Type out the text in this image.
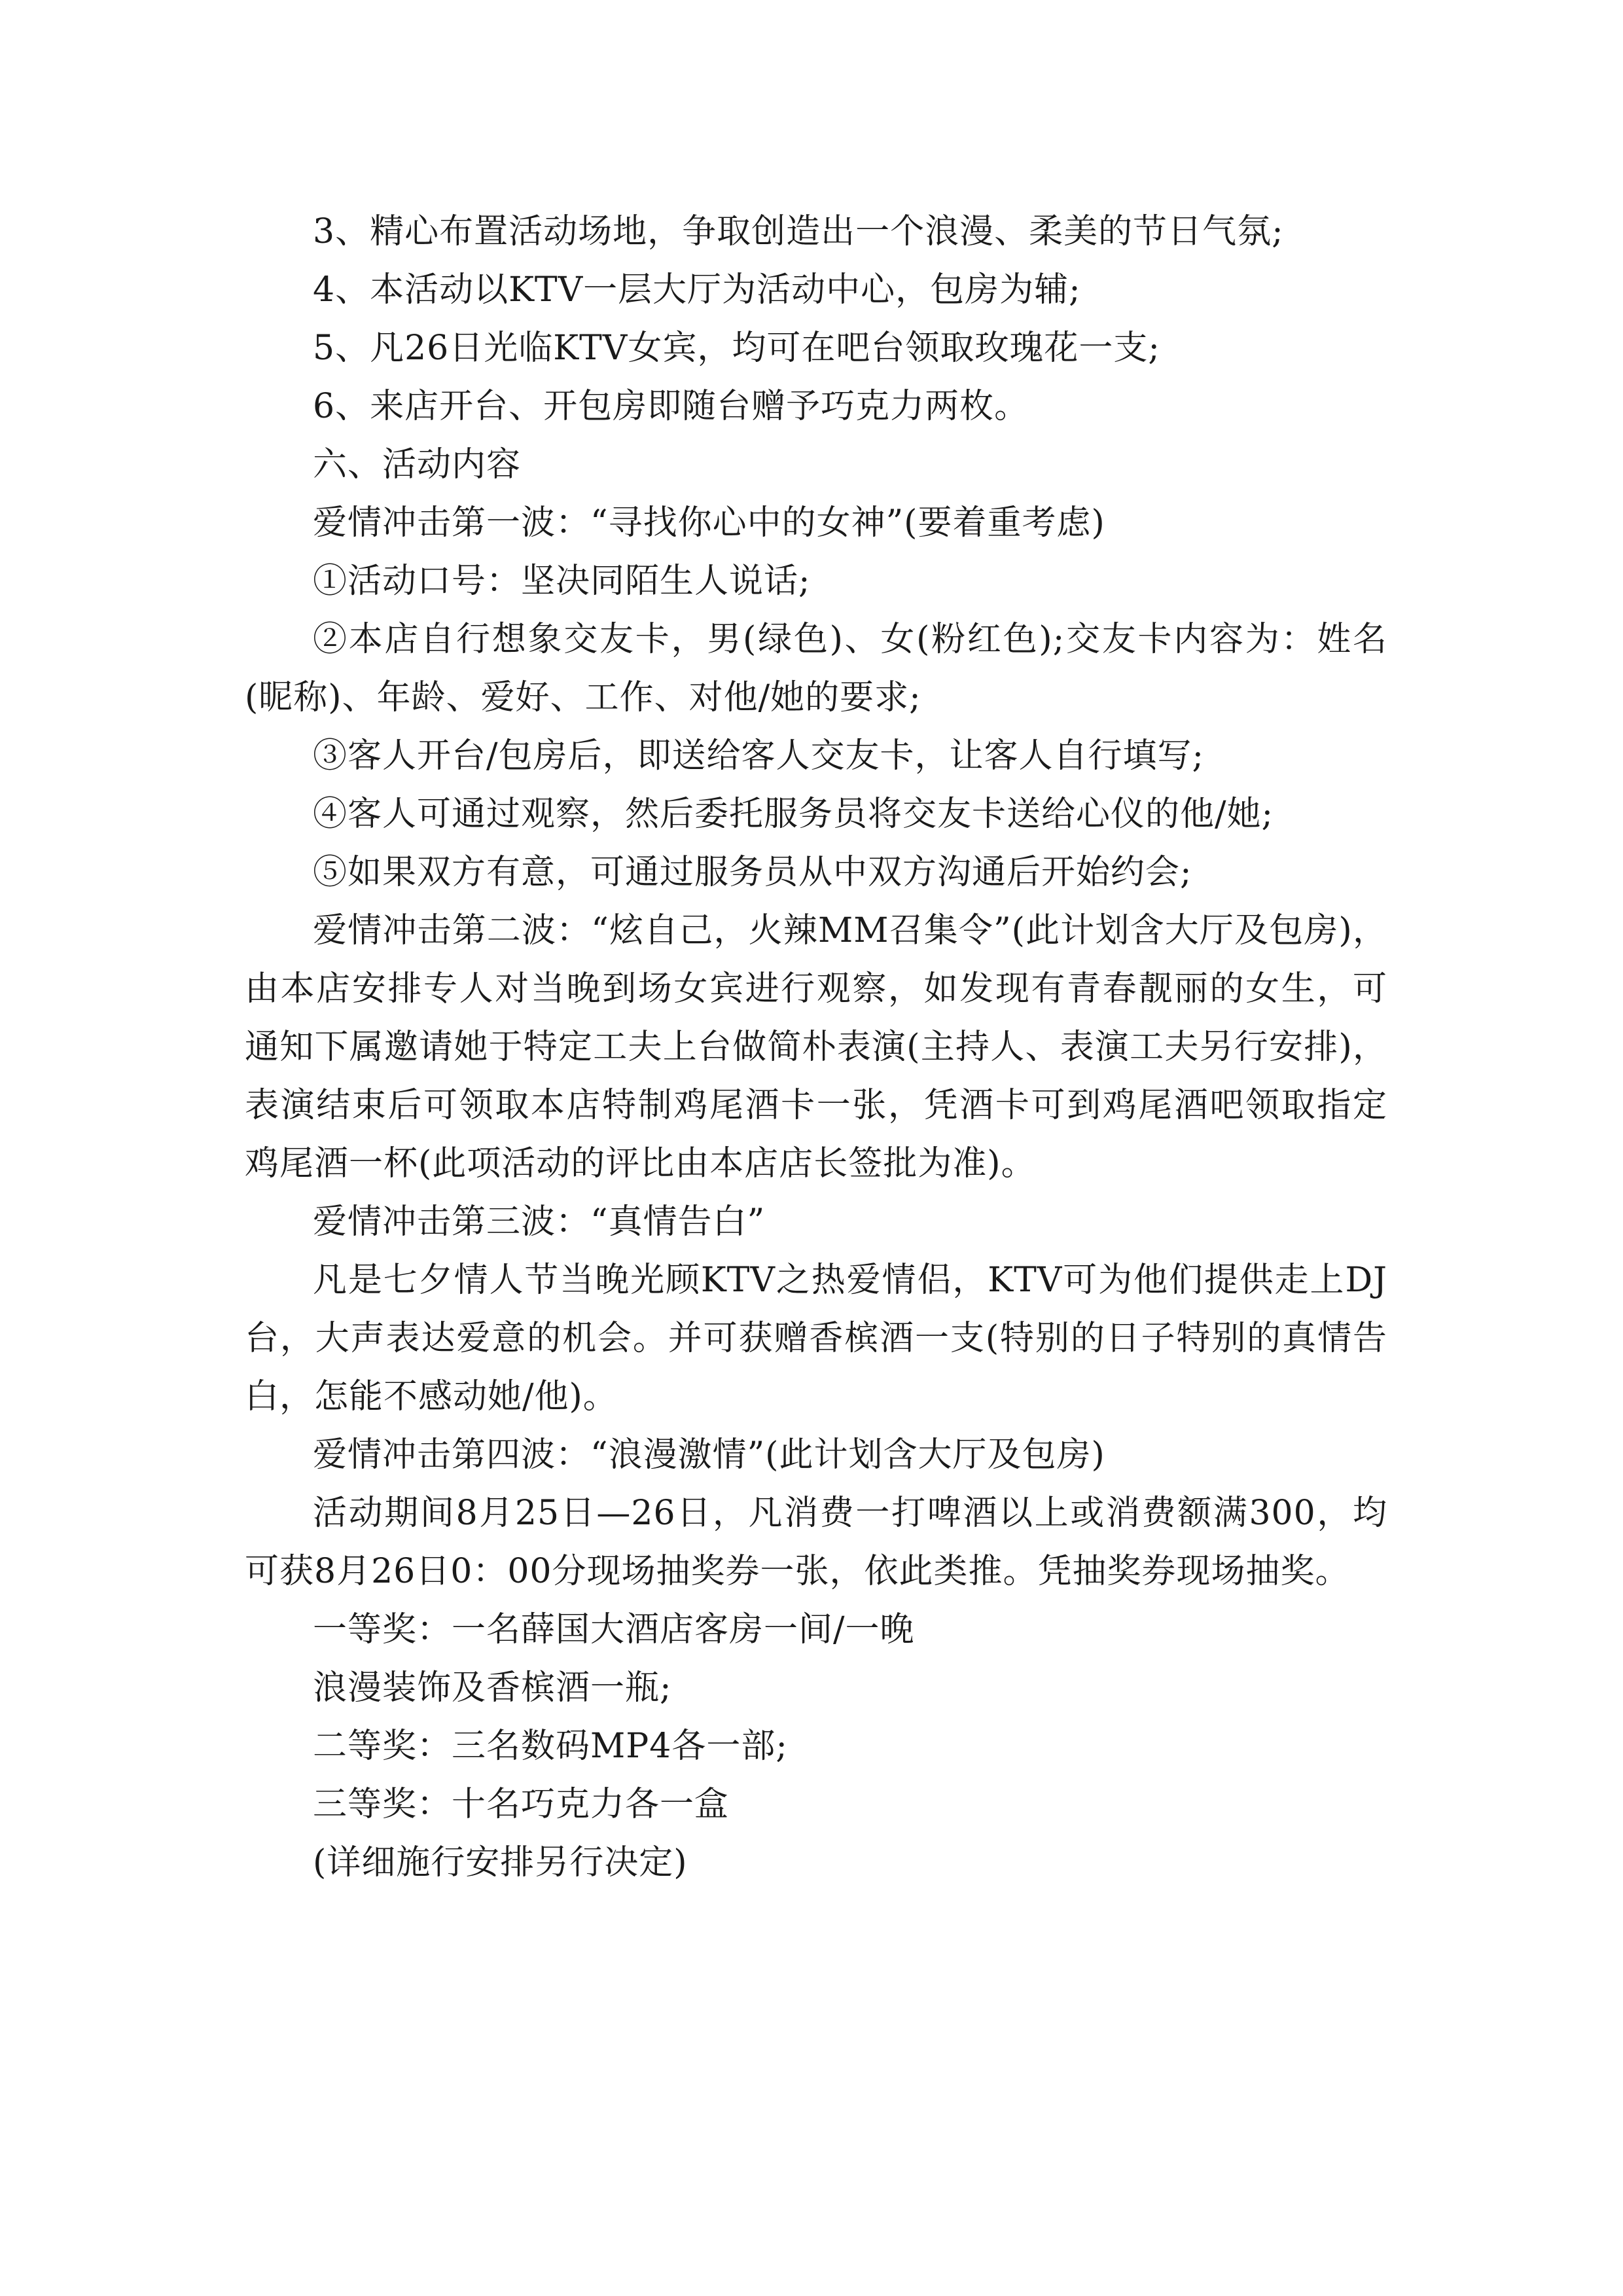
3、精心布置活动场地，争取创造出一个浪漫、柔美的节日气氛;

4、本活动以KTV一层大厅为活动中心，包房为辅;

5、凡26日光临KTV女宾，均可在吧台领取玫瑰花一支;

6、来店开台、开包房即随台赠予巧克力两枚。

六、活动内容

爱情冲击第一波：“寻找你心中的女神”(要着重考虑)

①活动口号：坚决同陌生人说话;

②本店自行想象交友卡，男(绿色)、女(粉红色);交友卡内容为：姓名(昵称)、年龄、爱好、工作、对他/她的要求;

③客人开台/包房后，即送给客人交友卡，让客人自行填写;

④客人可通过观察，然后委托服务员将交友卡送给心仪的他/她;

⑤如果双方有意，可通过服务员从中双方沟通后开始约会;

爱情冲击第二波：“炫自己，火辣MM召集令”(此计划含大厅及包房)，由本店安排专人对当晚到场女宾进行观察，如发现有青春靓丽的女生，可通知下属邀请她于特定工夫上台做简朴表演(主持人、表演工夫另行安排)，表演结束后可领取本店特制鸡尾酒卡一张，凭酒卡可到鸡尾酒吧领取指定鸡尾酒一杯(此项活动的评比由本店店长签批为准)。

爱情冲击第三波：“真情告白”

凡是七夕情人节当晚光顾KTV之热爱情侣，KTV可为他们提供走上DJ台，大声表达爱意的机会。并可获赠香槟酒一支(特别的日子特别的真情告白，怎能不感动她/他)。

爱情冲击第四波：“浪漫激情”(此计划含大厅及包房)

活动期间8月25日—26日，凡消费一打啤酒以上或消费额满300，均可获8月26日0：00分现场抽奖券一张，依此类推。凭抽奖券现场抽奖。

一等奖：一名薛国大酒店客房一间/一晚

浪漫装饰及香槟酒一瓶;

二等奖：三名数码MP4各一部;

三等奖：十名巧克力各一盒

(详细施行安排另行决定)
